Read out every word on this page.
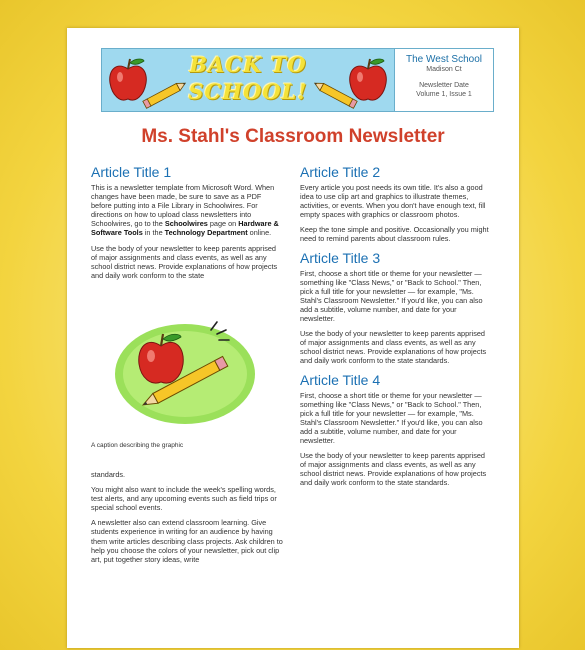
BACK TO
SCHOOL!
The West School
Madison Ct
Newsletter Date
Volume 1, Issue 1
Ms. Stahl's Classroom Newsletter
Article Title 1

This is a newsletter template from Microsoft Word. When changes have been made, be sure to save as a PDF before putting into a File Library in Schoolwires. For directions on how to upload class newsletters into Schoolwires, go to the Schoolwires page on Hardware & Software Tools in the Technology Department online.

Use the body of your newsletter to keep parents apprised of major assignments and class events, as well as any school district news. Provide explanations of how projects and daily work conform to the state

A caption describing the graphic

standards.

You might also want to include the week's spelling words, test alerts, and any upcoming events such as field trips or special school events.

A newsletter also can extend classroom learning. Give students experience in writing for an audience by having them write articles describing class projects. Ask children to help you choose the colors of your newsletter, pick out clip art, put together story ideas, write

Article Title 2

Every article you post needs its own title. It's also a good idea to use clip art and graphics to illustrate themes, activities, or events. When you don't have enough text, fill empty spaces with graphics or classroom photos.

Keep the tone simple and positive. Occasionally you might need to remind parents about classroom rules.

Article Title 3

First, choose a short title or theme for your newsletter — something like "Class News," or "Back to School." Then, pick a full title for your newsletter — for example, "Ms. Stahl's Classroom Newsletter." If you'd like, you can also add a subtitle, volume number, and date for your newsletter.

Use the body of your newsletter to keep parents apprised of major assignments and class events, as well as any school district news. Provide explanations of how projects and daily work conform to the state standards.

Article Title 4

First, choose a short title or theme for your newsletter — something like "Class News," or "Back to School." Then, pick a full title for your newsletter — for example, "Ms. Stahl's Classroom Newsletter." If you'd like, you can also add a subtitle, volume number, and date for your newsletter.

Use the body of your newsletter to keep parents apprised of major assignments and class events, as well as any school district news. Provide explanations of how projects and daily work conform to the state standards.
